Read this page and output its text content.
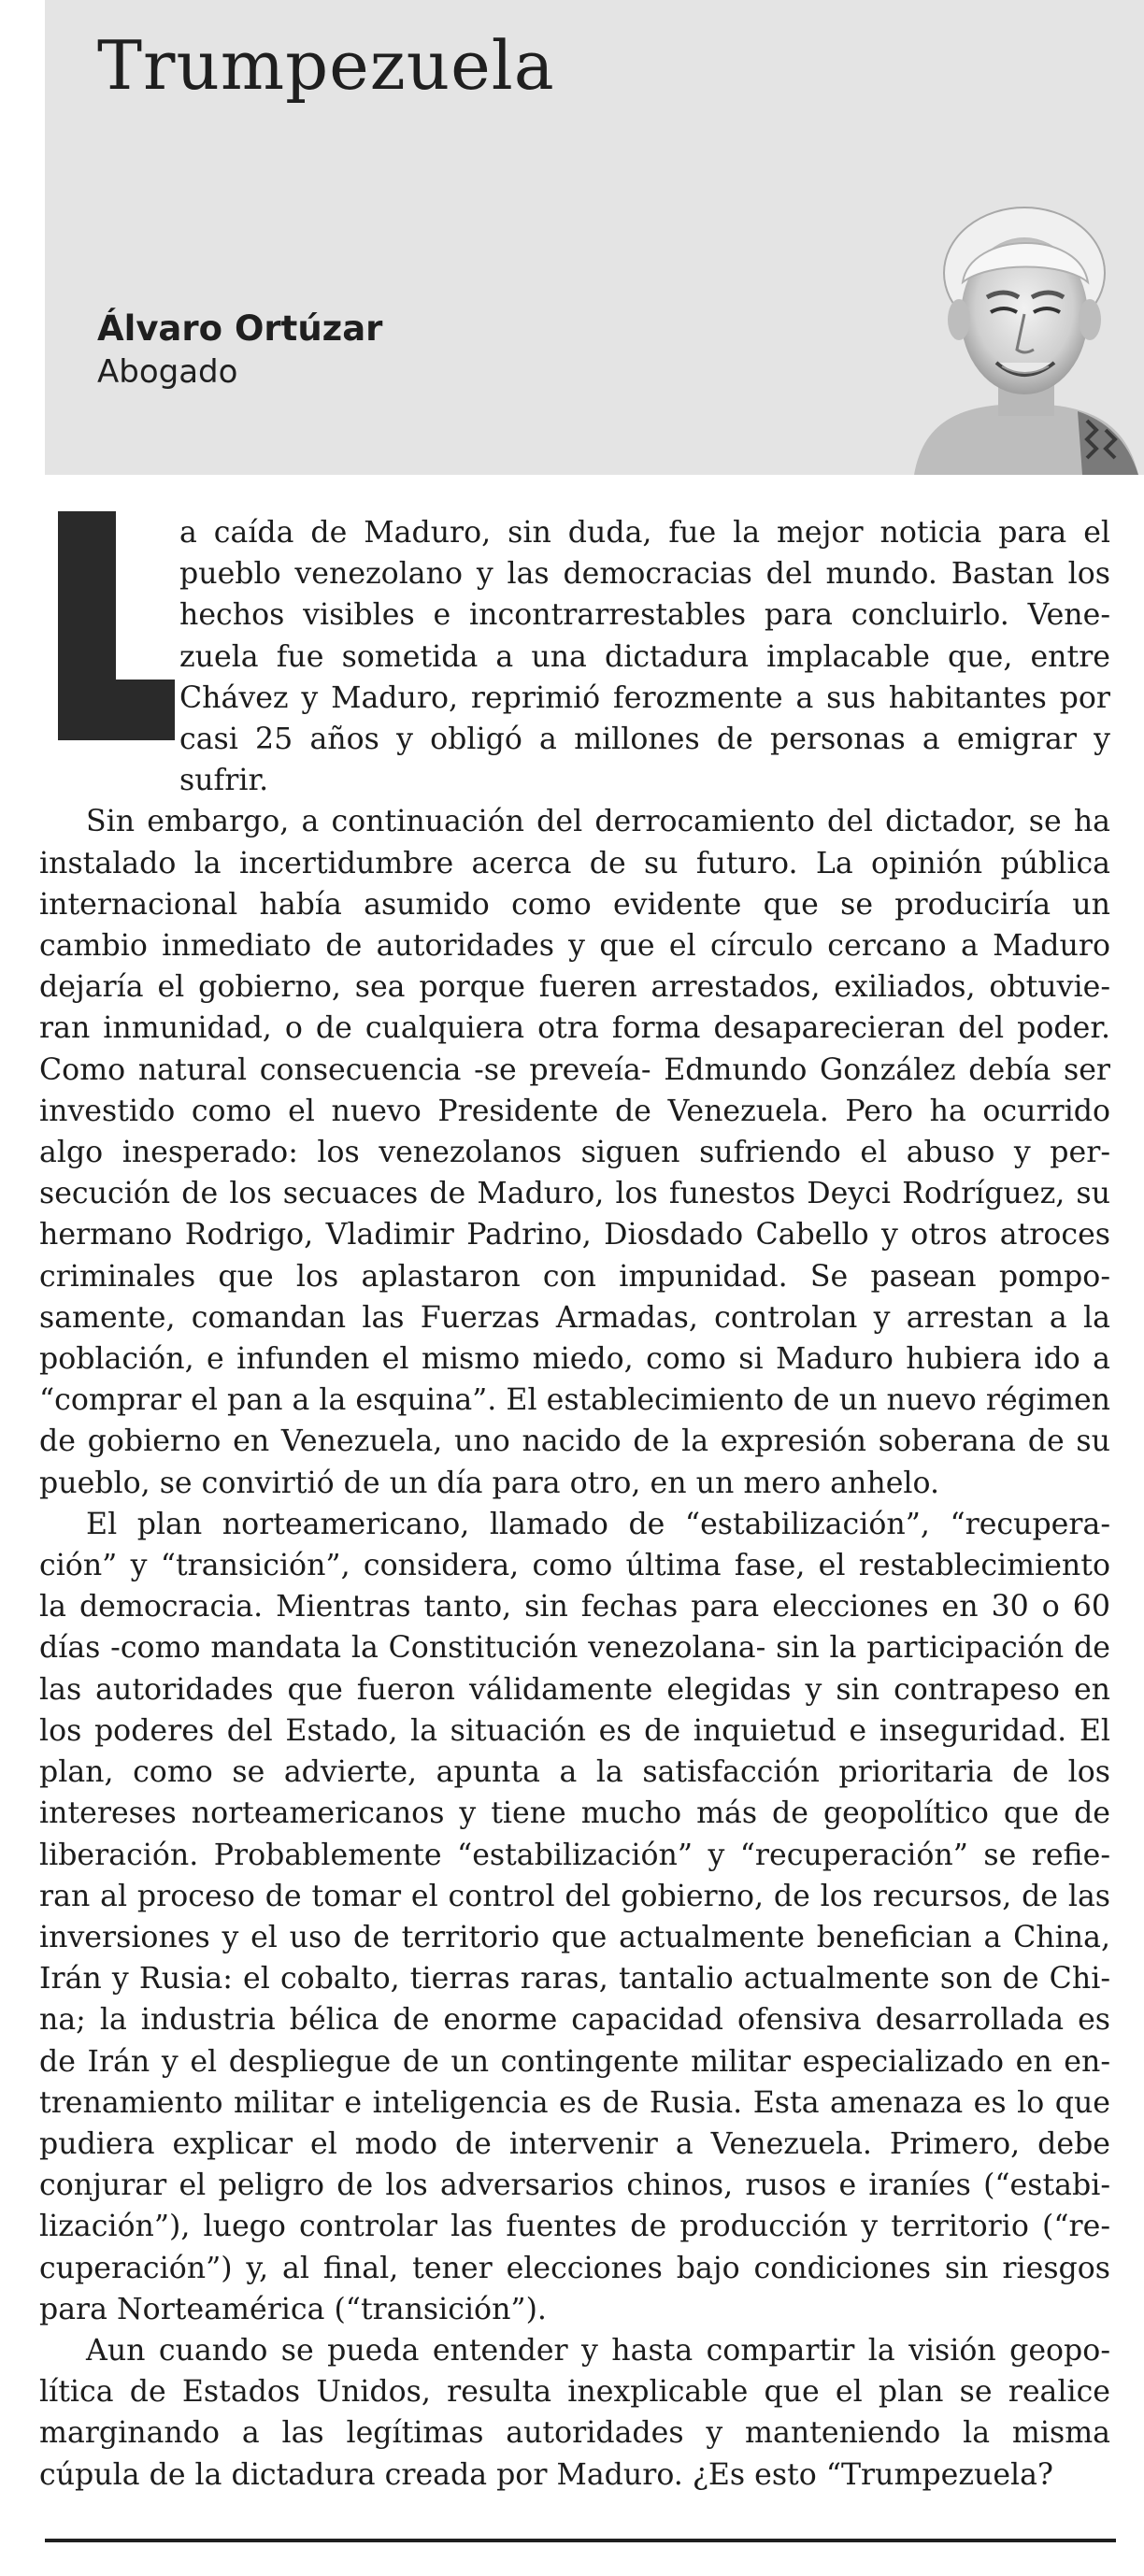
Trumpezuela
Álvaro Ortúzar
Abogado

a caída de Maduro, sin duda, fue la mejor noticia para el pueblo venezolano y las democracias del mundo. Bastan los hechos visibles e incontrarrestables para concluirlo. Venezuela fue sometida a una dictadura implacable que, entre Chávez y Maduro, reprimió ferozmente a sus habitantes por casi 25 años y obligó a millones de personas a emigrar y sufrir.

Sin embargo, a continuación del derrocamiento del dictador, se ha instalado la incertidumbre acerca de su futuro. La opinión pública internacional había asumido como evidente que se produciría un cambio inmediato de autoridades y que el círculo cercano a Maduro dejaría el gobierno, sea porque fueren arrestados, exiliados, obtuvieran inmunidad, o de cualquiera otra forma desaparecieran del poder. Como natural consecuencia -se preveía- Edmundo González debía ser investido como el nuevo Presidente de Venezuela. Pero ha ocurrido algo inesperado: los venezolanos siguen sufriendo el abuso y persecución de los secuaces de Maduro, los funestos Deyci Rodríguez, su hermano Rodrigo, Vladimir Padrino, Diosdado Cabello y otros atroces criminales que los aplastaron con impunidad. Se pasean pomposamente, comandan las Fuerzas Armadas, controlan y arrestan a la población, e infunden el mismo miedo, como si Maduro hubiera ido a “comprar el pan a la esquina”. El establecimiento de un nuevo régimen de gobierno en Venezuela, uno nacido de la expresión soberana de su pueblo, se convirtió de un día para otro, en un mero anhelo.

El plan norteamericano, llamado de “estabilización”, “recuperación” y “transición”, considera, como última fase, el restablecimiento la democracia. Mientras tanto, sin fechas para elecciones en 30 o 60 días -como mandata la Constitución venezolana- sin la participación de las autoridades que fueron válidamente elegidas y sin contrapeso en los poderes del Estado, la situación es de inquietud e inseguridad. El plan, como se advierte, apunta a la satisfacción prioritaria de los intereses norteamericanos y tiene mucho más de geopolítico que de liberación. Probablemente “estabilización” y “recuperación” se refieran al proceso de tomar el control del gobierno, de los recursos, de las inversiones y el uso de territorio que actualmente benefician a China, Irán y Rusia: el cobalto, tierras raras, tantalio actualmente son de China; la industria bélica de enorme capacidad ofensiva desarrollada es de Irán y el despliegue de un contingente militar especializado en entrenamiento militar e inteligencia es de Rusia. Esta amenaza es lo que pudiera explicar el modo de intervenir a Venezuela. Primero, debe conjurar el peligro de los adversarios chinos, rusos e iraníes (“estabilización”), luego controlar las fuentes de producción y territorio (“recuperación”) y, al final, tener elecciones bajo condiciones sin riesgos para Norteamérica (“transición”).

Aun cuando se pueda entender y hasta compartir la visión geopolítica de Estados Unidos, resulta inexplicable que el plan se realice marginando a las legítimas autoridades y manteniendo la misma cúpula de la dictadura creada por Maduro. ¿Es esto “Trumpezuela?
